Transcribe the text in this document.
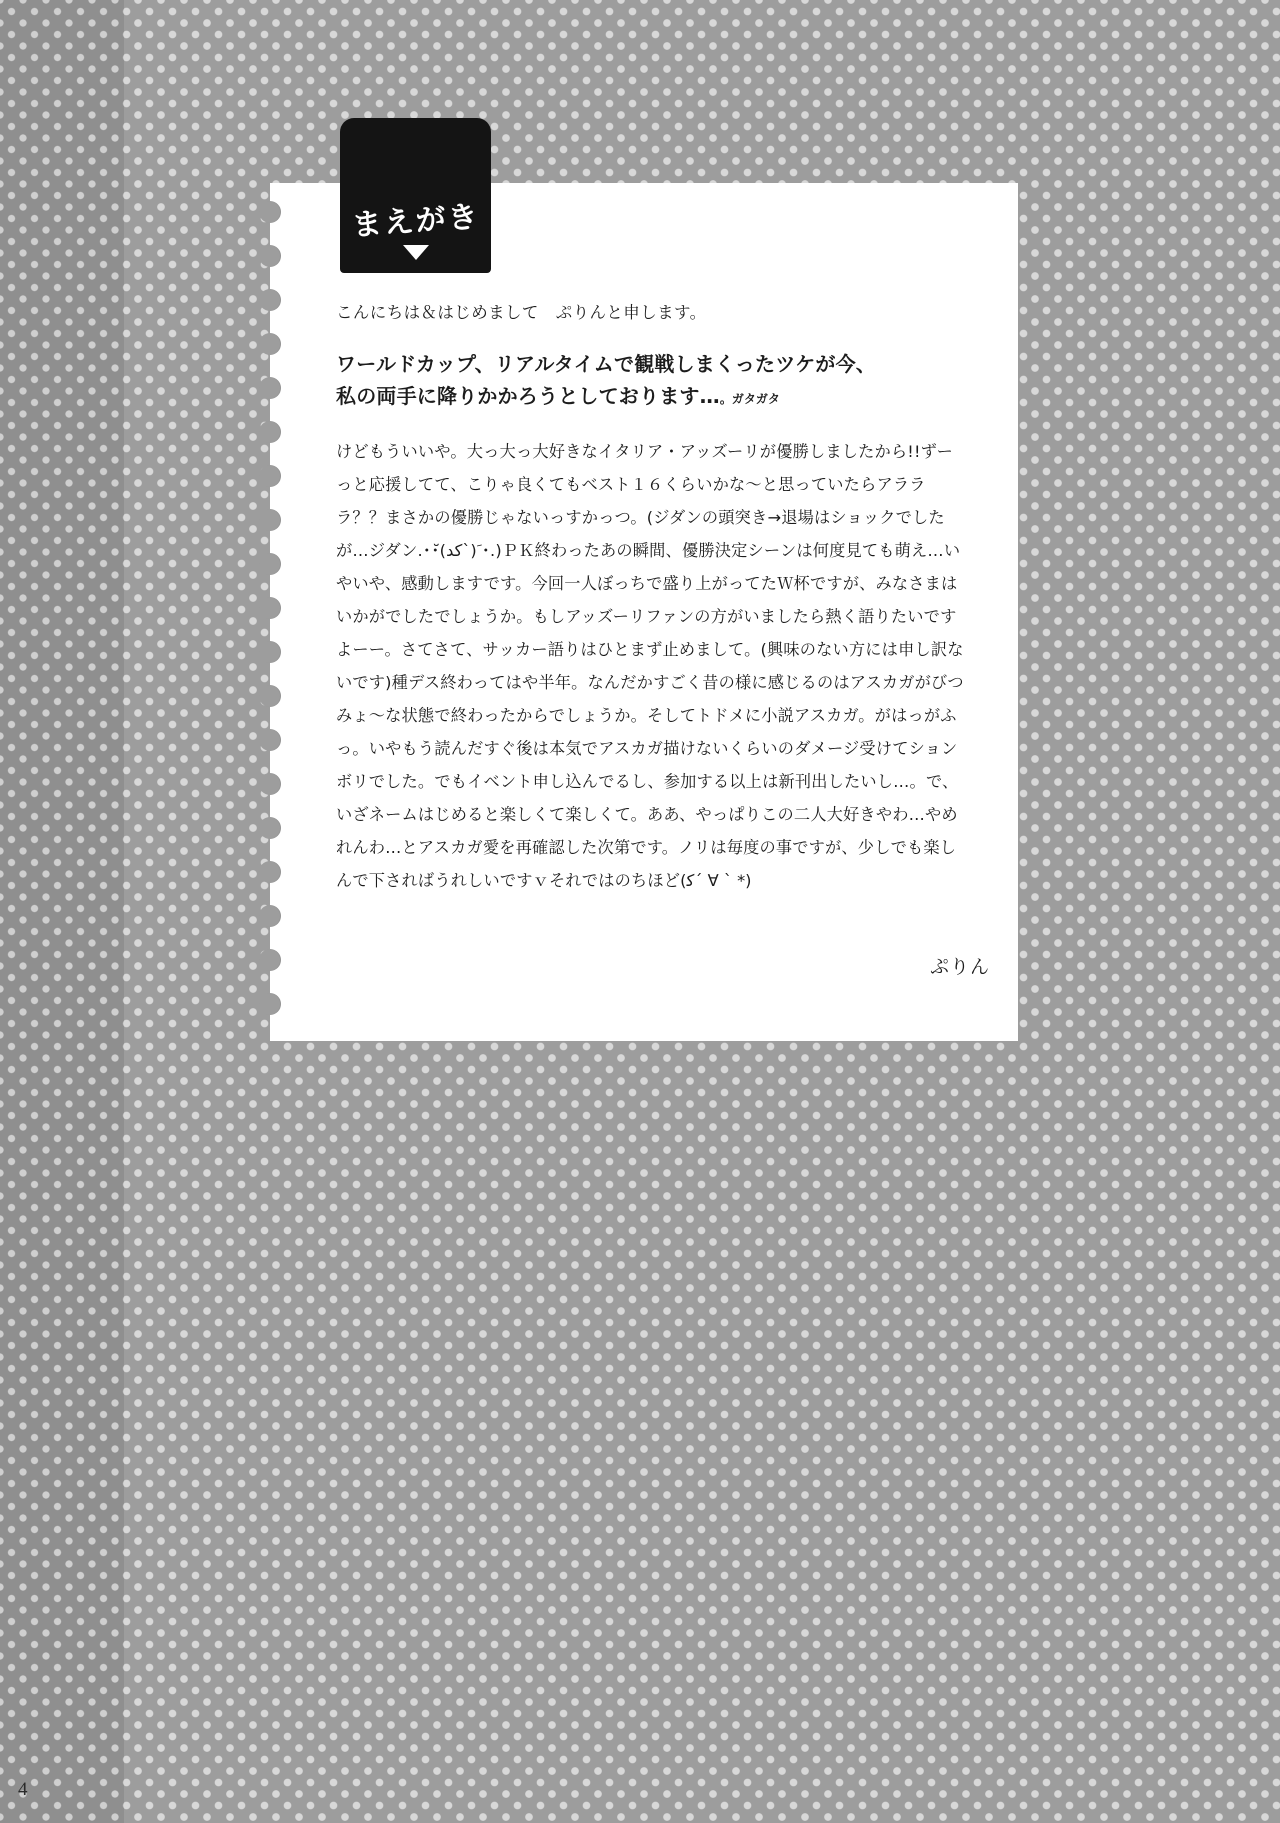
こんにちは＆はじめまして　ぷりんと申します。

ワールドカップ、リアルタイムで観戦しまくったツケが今、
私の両手に降りかかろうとしております…。ガタガタ

けどもういいや。大っ大っ大好きなイタリア・アッズーリが優勝しましたから!!ずーっと応援してて、こりゃ良くてもベスト１６くらいかな〜と思っていたらアラララ？？まさかの優勝じゃないっすかっつ。(ジダンの頭突き→退場はショックでしたが…ジダン.･ﬞ･(ﮐﺪ`)ﹶ･.)ＰＫ終わったあの瞬間、優勝決定シーンは何度見ても萌え…いやいや、感動しますです。今回一人ぼっちで盛り上がってたＷ杯ですが、みなさまはいかがでしたでしょうか。もしアッズーリファンの方がいましたら熱く語りたいですよーー。さてさて、サッカー語りはひとまず止めまして。(興味のない方には申し訳ないです)種デス終わってはや半年。なんだかすごく昔の様に感じるのはアスカガがびつみょ〜な状態で終わったからでしょうか。そしてトドメに小説アスカガ。がはっがふっ。いやもう読んだすぐ後は本気でアスカガ描けないくらいのダメージ受けてションボリでした。でもイベント申し込んでるし、参加する以上は新刊出したいし…。で、いざネームはじめると楽しくて楽しくて。ああ、やっぱりこの二人大好きやわ…やめれんわ…とアスカガ愛を再確認した次第です。ノリは毎度の事ですが、少しでも楽しんで下さればうれしいですｖそれではのちほど(ﮐ´ ∀ ` *)

ぷりん
まえがき
4
